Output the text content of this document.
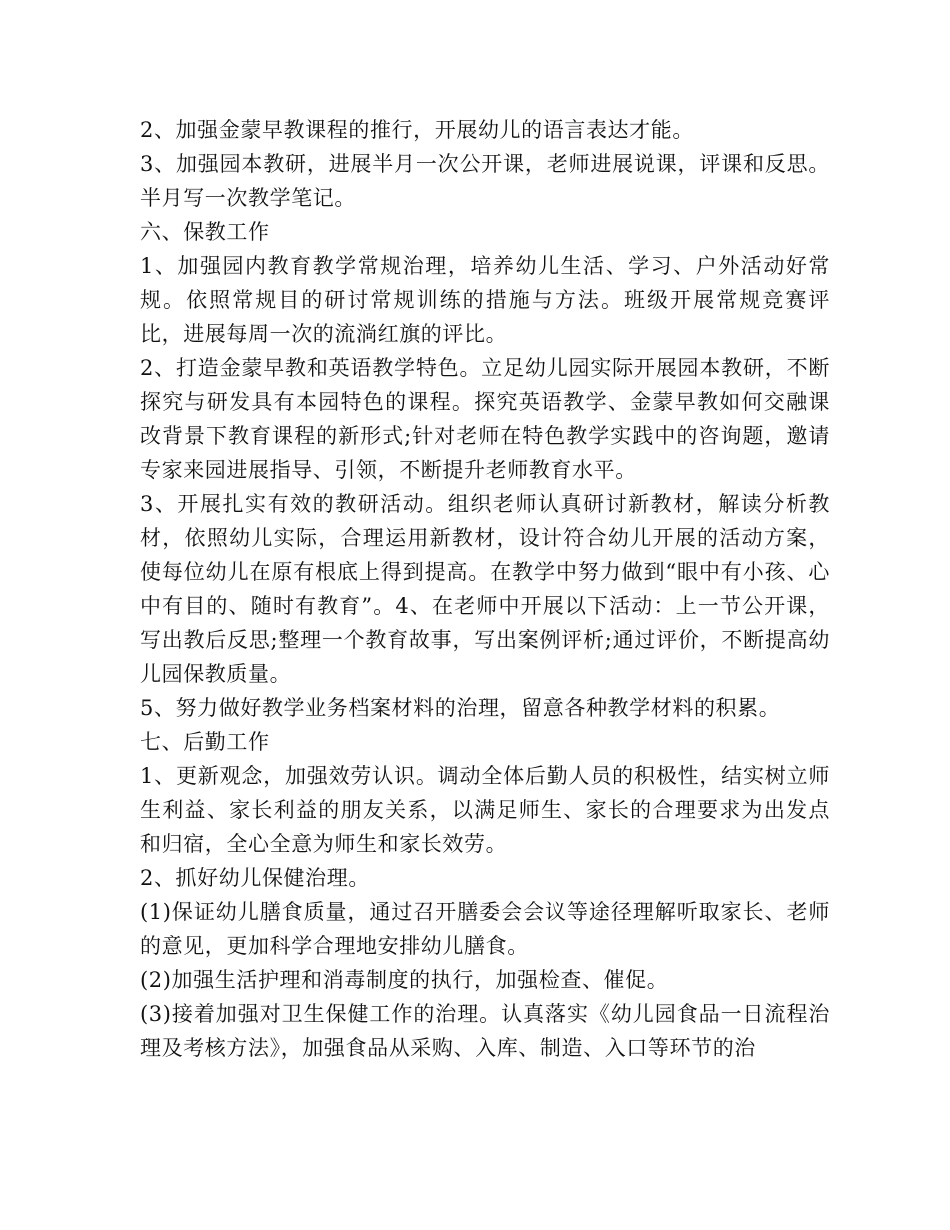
2、加强金蒙早教课程的推行，开展幼儿的语言表达才能。

3、加强园本教研，进展半月一次公开课，老师进展说课，评课和反思。半月写一次教学笔记。

六、保教工作

1、加强园内教育教学常规治理，培养幼儿生活、学习、户外活动好常规。依照常规目的研讨常规训练的措施与方法。班级开展常规竞赛评比，进展每周一次的流淌红旗的评比。

2、打造金蒙早教和英语教学特色。立足幼儿园实际开展园本教研，不断探究与研发具有本园特色的课程。探究英语教学、金蒙早教如何交融课改背景下教育课程的新形式;针对老师在特色教学实践中的咨询题，邀请专家来园进展指导、引领，不断提升老师教育水平。

3、开展扎实有效的教研活动。组织老师认真研讨新教材，解读分析教材，依照幼儿实际，合理运用新教材，设计符合幼儿开展的活动方案，使每位幼儿在原有根底上得到提高。在教学中努力做到“眼中有小孩、心中有目的、随时有教育”。4、在老师中开展以下活动：上一节公开课，写出教后反思;整理一个教育故事，写出案例评析;通过评价，不断提高幼儿园保教质量。

5、努力做好教学业务档案材料的治理，留意各种教学材料的积累。

七、后勤工作

1、更新观念，加强效劳认识。调动全体后勤人员的积极性，结实树立师生利益、家长利益的朋友关系，以满足师生、家长的合理要求为出发点和归宿，全心全意为师生和家长效劳。

2、抓好幼儿保健治理。

(1)保证幼儿膳食质量，通过召开膳委会会议等途径理解听取家长、老师的意见，更加科学合理地安排幼儿膳食。

(2)加强生活护理和消毒制度的执行，加强检查、催促。

(3)接着加强对卫生保健工作的治理。认真落实《幼儿园食品一日流程治理及考核方法》，加强食品从采购、入库、制造、入口等环节的治
